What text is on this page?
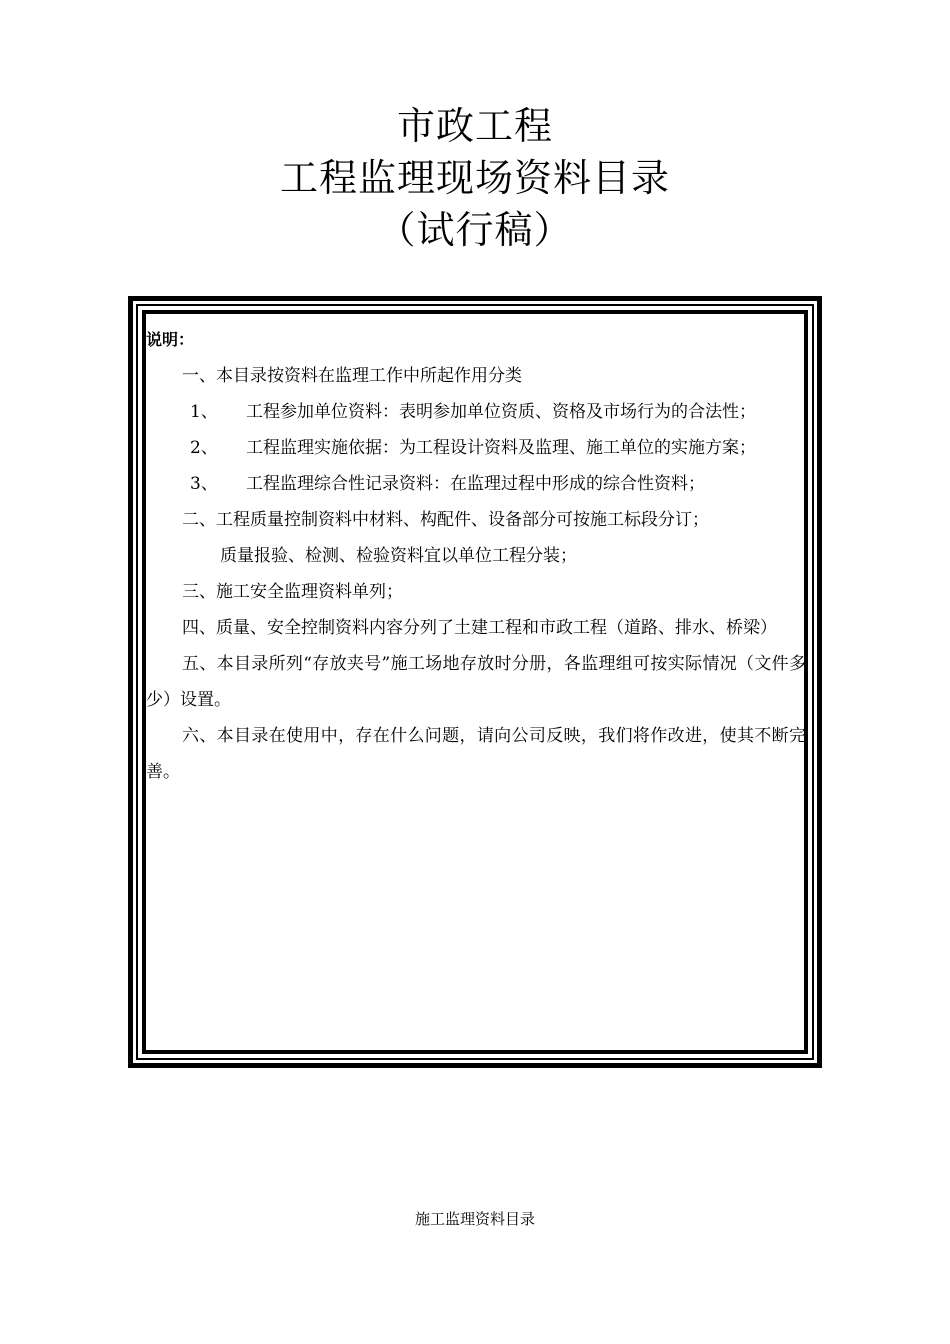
市政工程
工程监理现场资料目录
（试行稿）
说明：

一、本目录按资料在监理工作中所起作用分类

1、 工程参加单位资料：表明参加单位资质、资格及市场行为的合法性；

2、 工程监理实施依据：为工程设计资料及监理、施工单位的实施方案；

3、 工程监理综合性记录资料：在监理过程中形成的综合性资料；

二、工程质量控制资料中材料、构配件、设备部分可按施工标段分订；

质量报验、检测、检验资料宜以单位工程分装；

三、施工安全监理资料单列；

四、质量、安全控制资料内容分列了土建工程和市政工程（道路、排水、桥梁）

五、本目录所列“存放夹号”施工场地存放时分册，各监理组可按实际情况（文件多少）设置。

六、本目录在使用中，存在什么问题，请向公司反映，我们将作改进，使其不断完善。

施工监理资料目录
